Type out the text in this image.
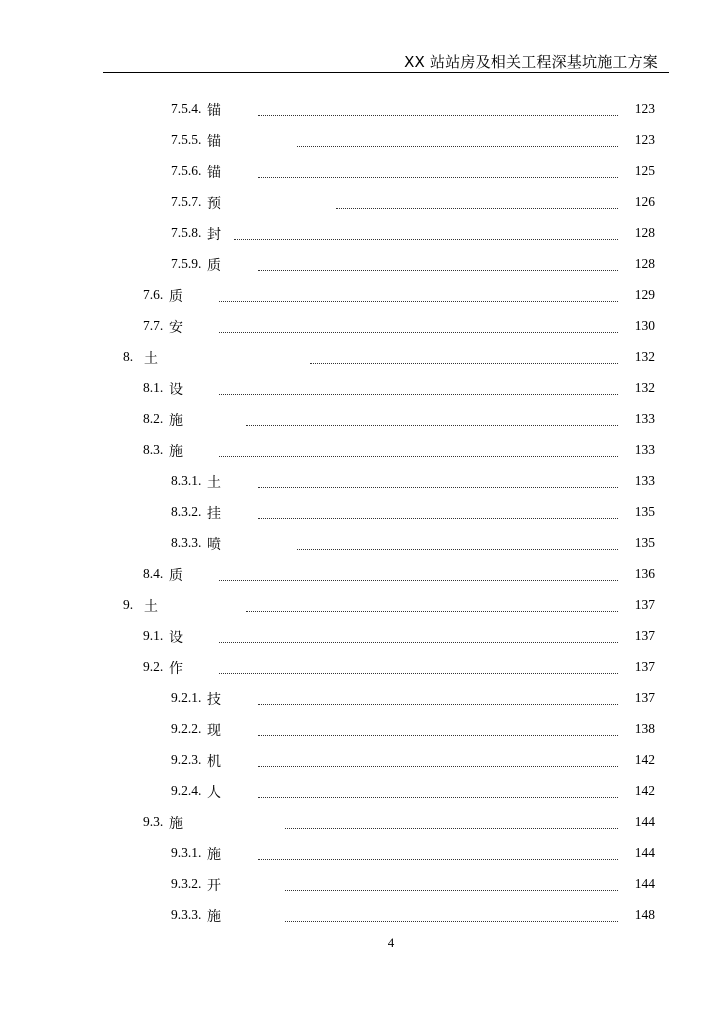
XX 站站房及相关工程深基坑施工方案
7.5.4. 锚	123
7.5.5. 锚	123
7.5.6. 锚	125
7.5.7. 预	126
7.5.8. 封	128
7.5.9. 质	128
7.6. 质	129
7.7. 安	130
8. 土	132
8.1. 设	132
8.2. 施	133
8.3. 施	133
8.3.1. 土	133
8.3.2. 挂	135
8.3.3. 喷	135
8.4. 质	136
9. 土	137
9.1. 设	137
9.2. 作	137
9.2.1. 技	137
9.2.2. 现	138
9.2.3. 机	142
9.2.4. 人	142
9.3. 施	144
9.3.1. 施	144
9.3.2. 开	144
9.3.3. 施	148
4
